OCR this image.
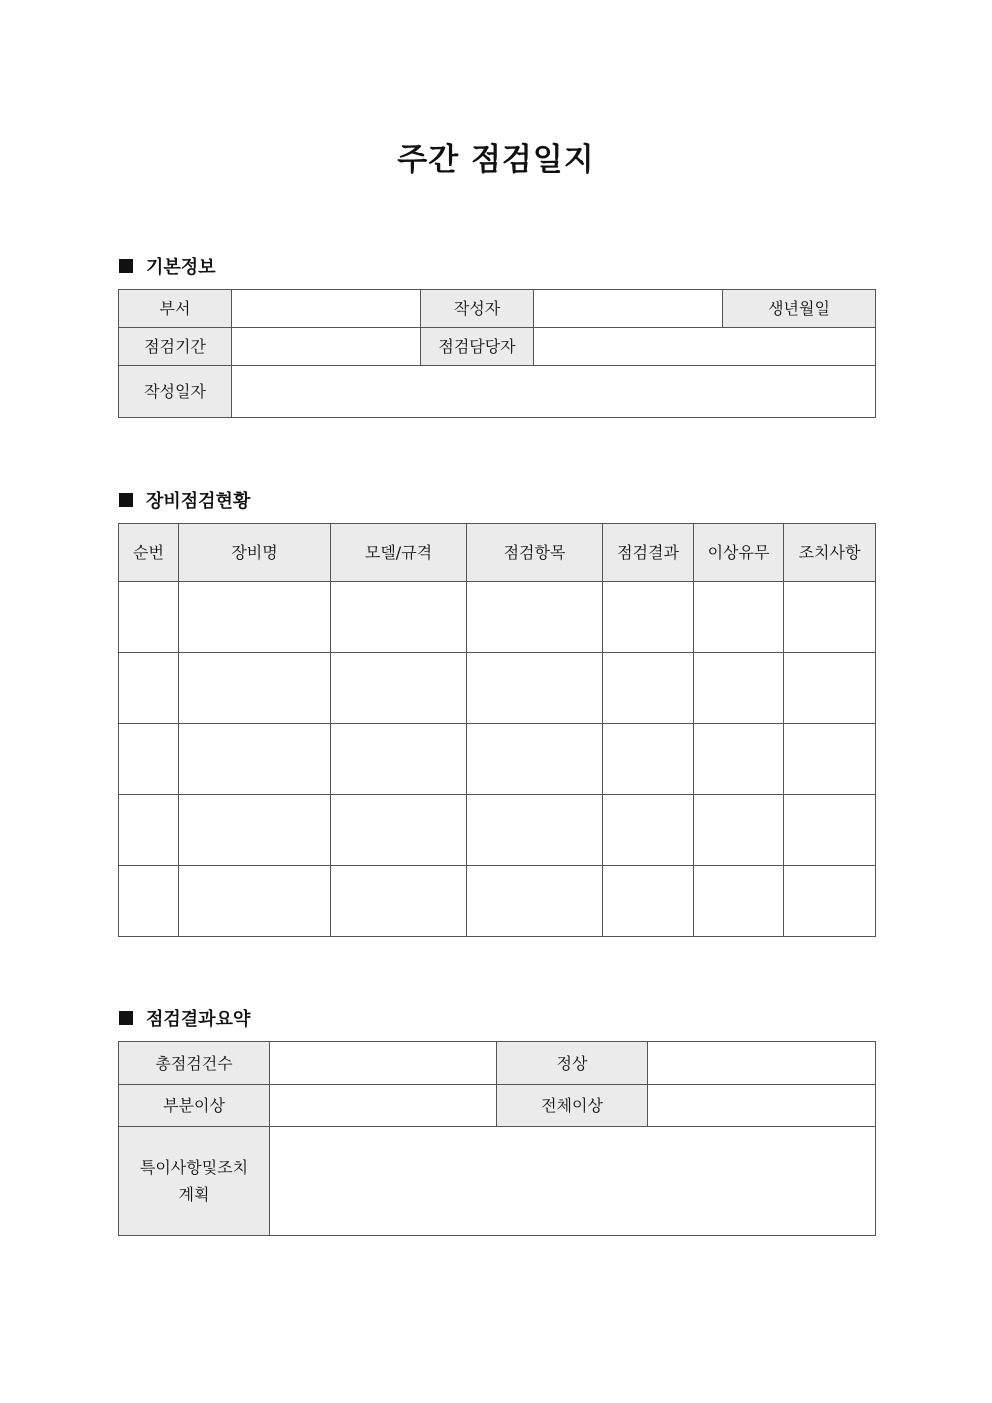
주간 점검일지
기본정보
부서		작성자		생년월일
점검기간		점검담당자		
작성일자				
장비점검현황
순번	장비명	모델/규격	점검항목	점검결과	이상유무	조치사항

점검결과요약
총점검건수		정상	
부분이상		전체이상	
특이사항및조치계획			
